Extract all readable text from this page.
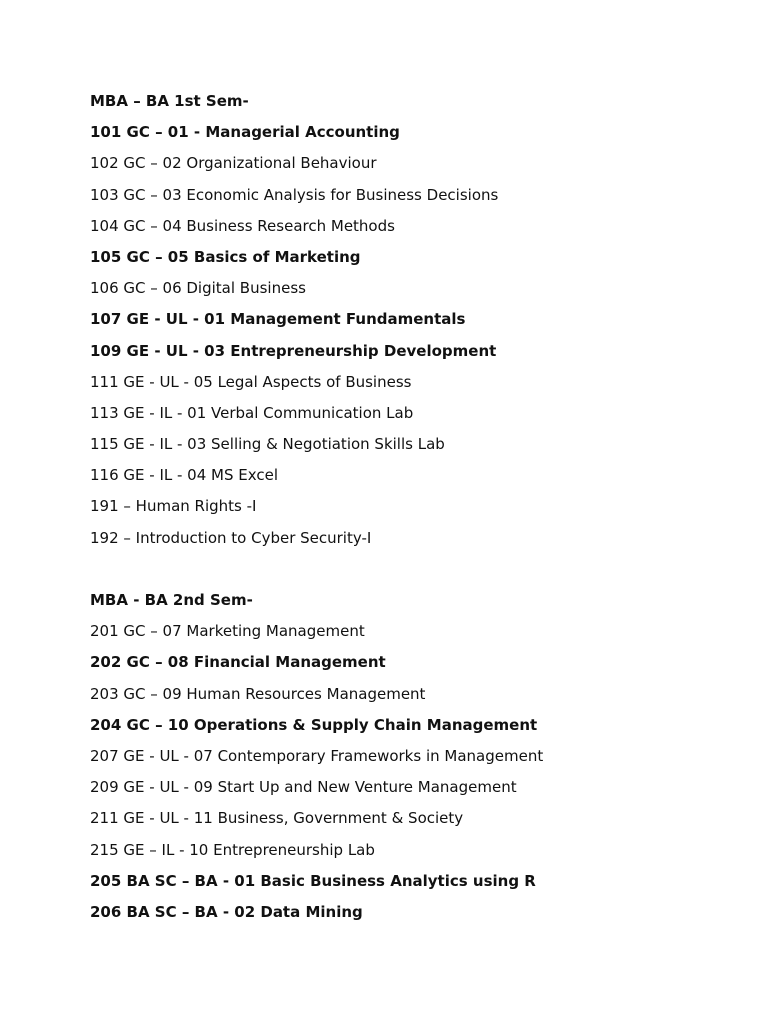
MBA – BA 1st Sem-
101 GC – 01 - Managerial Accounting
102 GC – 02 Organizational Behaviour
103 GC – 03 Economic Analysis for Business Decisions
104 GC – 04 Business Research Methods
105 GC – 05 Basics of Marketing
106 GC – 06 Digital Business
107 GE - UL - 01 Management Fundamentals
109 GE - UL - 03 Entrepreneurship Development
111 GE - UL - 05 Legal Aspects of Business
113 GE - IL - 01 Verbal Communication Lab
115 GE - IL - 03 Selling & Negotiation Skills Lab
116 GE - IL - 04 MS Excel
191 – Human Rights -I
192 – Introduction to Cyber Security-I
MBA - BA 2nd Sem-
201 GC – 07 Marketing Management
202 GC – 08 Financial Management
203 GC – 09 Human Resources Management
204 GC – 10 Operations & Supply Chain Management
207 GE - UL - 07 Contemporary Frameworks in Management
209 GE - UL - 09 Start Up and New Venture Management
211 GE - UL - 11 Business, Government & Society
215 GE – IL - 10 Entrepreneurship Lab
205 BA SC – BA - 01 Basic Business Analytics using R
206 BA SC – BA - 02 Data Mining
